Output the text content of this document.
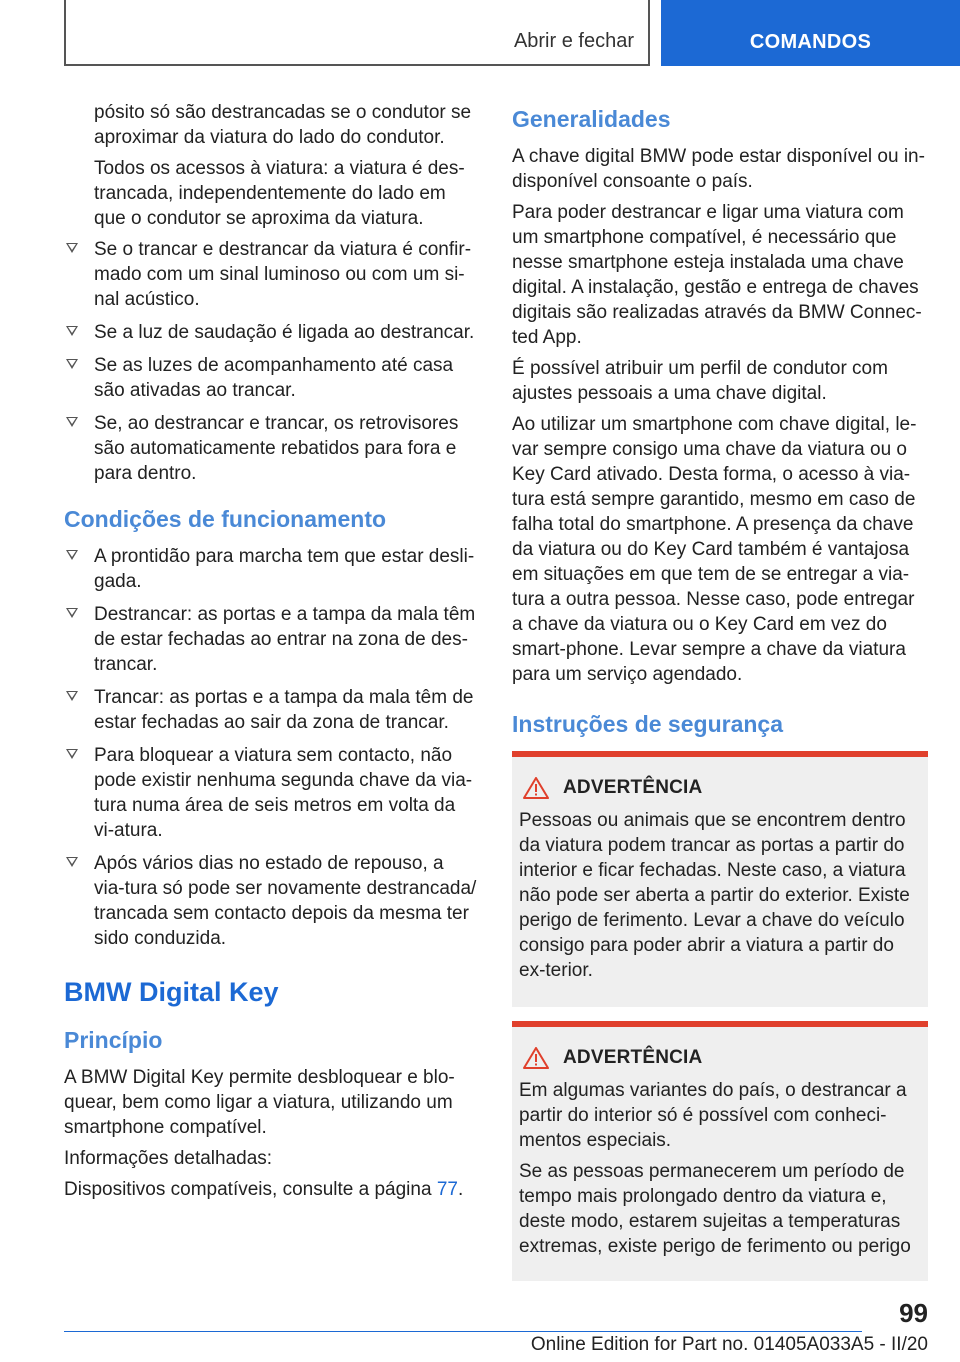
Abrir e fechar	COMANDOS

pósito só são destrancadas se o condutor se aproximar da viatura do lado do condutor.

Todos os acessos à viatura: a viatura é des-trancada, independentemente do lado em que o condutor se aproxima da viatura.

Se o trancar e destrancar da viatura é confir-mado com um sinal luminoso ou com um si-nal acústico.
Se a luz de saudação é ligada ao destrancar.
Se as luzes de acompanhamento até casa são ativadas ao trancar.
Se, ao destrancar e trancar, os retrovisores são automaticamente rebatidos para fora e para dentro.
Condições de funcionamento
A prontidão para marcha tem que estar desli-gada.
Destrancar: as portas e a tampa da mala têm de estar fechadas ao entrar na zona de des-trancar.
Trancar: as portas e a tampa da mala têm de estar fechadas ao sair da zona de trancar.
Para bloquear a viatura sem contacto, não pode existir nenhuma segunda chave da via-tura numa área de seis metros em volta da vi-atura.
Após vários dias no estado de repouso, a via-tura só pode ser novamente destrancada/ trancada sem contacto depois da mesma ter sido conduzida.
BMW Digital Key
Princípio

A BMW Digital Key permite desbloquear e blo-quear, bem como ligar a viatura, utilizando um smartphone compatível.

Informações detalhadas:

Dispositivos compatíveis, consulte a página 77.

Generalidades

A chave digital BMW pode estar disponível ou in-disponível consoante o país.

Para poder destrancar e ligar uma viatura com um smartphone compatível, é necessário que nesse smartphone esteja instalada uma chave digital. A instalação, gestão e entrega de chaves digitais são realizadas através da BMW Connec-ted App.

É possível atribuir um perfil de condutor com ajustes pessoais a uma chave digital.

Ao utilizar um smartphone com chave digital, le-var sempre consigo uma chave da viatura ou o Key Card ativado. Desta forma, o acesso à via-tura está sempre garantido, mesmo em caso de falha total do smartphone. A presença da chave da viatura ou do Key Card também é vantajosa em situações em que tem de se entregar a via-tura a outra pessoa. Nesse caso, pode entregar a chave da viatura ou o Key Card em vez do smart-phone. Levar sempre a chave da viatura para um serviço agendado.

Instruções de segurança
ADVERTÊNCIA

Pessoas ou animais que se encontrem dentro da viatura podem trancar as portas a partir do interior e ficar fechadas. Neste caso, a viatura não pode ser aberta a partir do exterior. Existe perigo de ferimento. Levar a chave do veículo consigo para poder abrir a viatura a partir do ex-terior.

ADVERTÊNCIA

Em algumas variantes do país, o destrancar a partir do interior só é possível com conheci-mentos especiais.

Se as pessoas permanecerem um período de tempo mais prolongado dentro da viatura e, deste modo, estarem sujeitas a temperaturas extremas, existe perigo de ferimento ou perigo

99
Online Edition for Part no. 01405A033A5 - II/20
